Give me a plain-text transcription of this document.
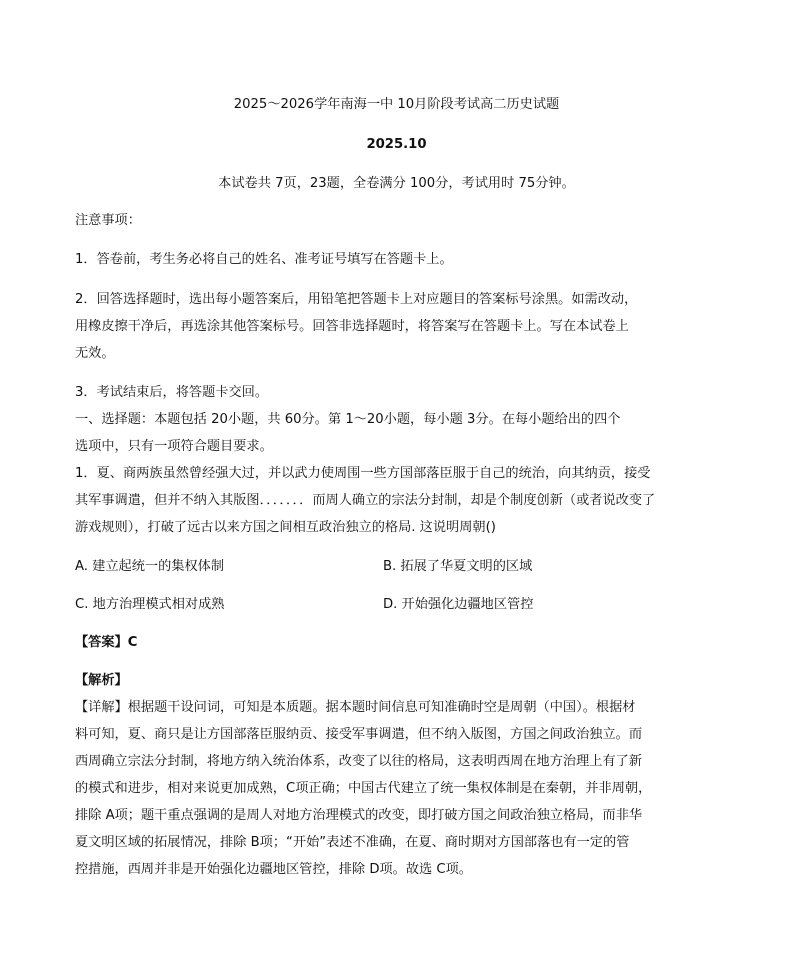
2025～2026学年南海一中 10月阶段考试高二历史试题
2025.10
本试卷共 7页，23题，全卷满分 100分，考试用时 75分钟。
注意事项：
1．答卷前，考生务必将自己的姓名、准考证号填写在答题卡上。
2．回答选择题时，选出每小题答案后，用铅笔把答题卡上对应题目的答案标号涂黑。如需改动，
用橡皮擦干净后，再选涂其他答案标号。回答非选择题时，将答案写在答题卡上。写在本试卷上
无效。
3．考试结束后，将答题卡交回。
一、选择题：本题包括 20小题，共 60分。第 1～20小题，每小题 3分。在每小题给出的四个
选项中，只有一项符合题目要求。
1．夏、商两族虽然曾经强大过，并以武力使周围一些方国部落臣服于自己的统治，向其纳贡，接受
其军事调遣，但并不纳入其版图．．．．．．．而周人确立的宗法分封制，却是个制度创新（或者说改变了
游戏规则），打破了远古以来方国之间相互政治独立的格局. 这说明周朝()
A. 建立起统一的集权体制	B. 拓展了华夏文明的区域
C. 地方治理模式相对成熟	D. 开始强化边疆地区管控
【答案】C
【解析】
【详解】根据题干设问词，可知是本质题。据本题时间信息可知准确时空是周朝（中国）。根据材
料可知，夏、商只是让方国部落臣服纳贡、接受军事调遣，但不纳入版图，方国之间政治独立。而
西周确立宗法分封制，将地方纳入统治体系，改变了以往的格局，这表明西周在地方治理上有了新
的模式和进步，相对来说更加成熟，C项正确；中国古代建立了统一集权体制是在秦朝，并非周朝，
排除 A项；题干重点强调的是周人对地方治理模式的改变，即打破方国之间政治独立格局，而非华
夏文明区域的拓展情况，排除 B项；“开始”表述不准确，在夏、商时期对方国部落也有一定的管
控措施，西周并非是开始强化边疆地区管控，排除 D项。故选 C项。
